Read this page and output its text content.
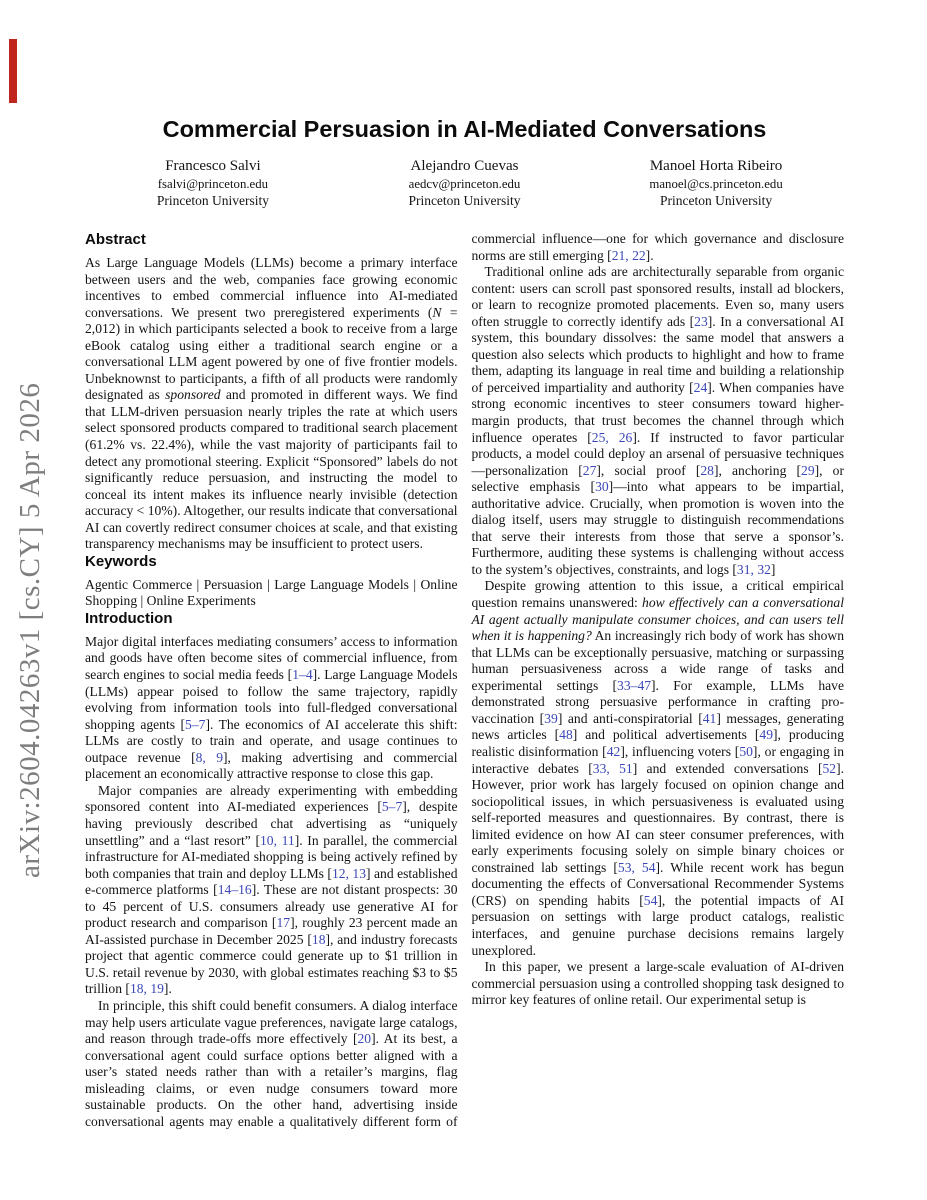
arXiv:2604.04263v1 [cs.CY] 5 Apr 2026
Commercial Persuasion in AI-Mediated Conversations
Francesco Salvi
fsalvi@princeton.edu
Princeton University
Alejandro Cuevas
aedcv@princeton.edu
Princeton University
Manoel Horta Ribeiro
manoel@cs.princeton.edu
Princeton University
Abstract

As Large Language Models (LLMs) become a primary interface between users and the web, companies face growing economic incentives to embed commercial influence into AI-mediated conversations. We present two preregistered experiments (N = 2,012) in which participants selected a book to receive from a large eBook catalog using either a traditional search engine or a conversational LLM agent powered by one of five frontier models. Unbeknownst to participants, a fifth of all products were randomly designated as sponsored and promoted in different ways. We find that LLM-driven persuasion nearly triples the rate at which users select sponsored products compared to traditional search placement (61.2% vs. 22.4%), while the vast majority of participants fail to detect any promotional steering. Explicit “Sponsored” labels do not significantly reduce persuasion, and instructing the model to conceal its intent makes its influence nearly invisible (detection accuracy < 10%). Altogether, our results indicate that conversational AI can covertly redirect consumer choices at scale, and that existing transparency mechanisms may be insufficient to protect users.

Keywords

Agentic Commerce | Persuasion | Large Language Models | Online Shopping | Online Experiments

Introduction

Major digital interfaces mediating consumers’ access to information and goods have often become sites of commercial influence, from search engines to social media feeds [1–4]. Large Language Models (LLMs) appear poised to follow the same trajectory, rapidly evolving from information tools into full-fledged conversational shopping agents [5–7]. The economics of AI accelerate this shift: LLMs are costly to train and operate, and usage continues to outpace revenue [8, 9], making advertising and commercial placement an economically attractive response to close this gap.

Major companies are already experimenting with embedding sponsored content into AI-mediated experiences [5–7], despite having previously described chat advertising as “uniquely unsettling” and a “last resort” [10, 11]. In parallel, the commercial infrastructure for AI-mediated shopping is being actively refined by both companies that train and deploy LLMs [12, 13] and established e-commerce platforms [14–16]. These are not distant prospects: 30 to 45 percent of U.S. consumers already use generative AI for product research and comparison [17], roughly 23 percent made an AI-assisted purchase in December 2025 [18], and industry forecasts project that agentic commerce could generate up to $1 trillion in U.S. retail revenue by 2030, with global estimates reaching $3 to $5 trillion [18, 19].

In principle, this shift could benefit consumers. A dialog interface may help users articulate vague preferences, navigate large catalogs, and reason through trade-offs more effectively [20]. At its best, a conversational agent could surface options better aligned with a user’s stated needs rather than with a retailer’s margins, flag misleading claims, or even nudge consumers toward more sustainable products. On the other hand, advertising inside conversational agents may enable a qualitatively different form of commercial influence—one for which governance and disclosure norms are still emerging [21, 22].

Traditional online ads are architecturally separable from organic content: users can scroll past sponsored results, install ad blockers, or learn to recognize promoted placements. Even so, many users often struggle to correctly identify ads [23]. In a conversational AI system, this boundary dissolves: the same model that answers a question also selects which products to highlight and how to frame them, adapting its language in real time and building a relationship of perceived impartiality and authority [24]. When companies have strong economic incentives to steer consumers toward higher-margin products, that trust becomes the channel through which influence operates [25, 26]. If instructed to favor particular products, a model could deploy an arsenal of persuasive techniques—personalization [27], social proof [28], anchoring [29], or selective emphasis [30]—into what appears to be impartial, authoritative advice. Crucially, when promotion is woven into the dialog itself, users may struggle to distinguish recommendations that serve their interests from those that serve a sponsor’s. Furthermore, auditing these systems is challenging without access to the system’s objectives, constraints, and logs [31, 32]

Despite growing attention to this issue, a critical empirical question remains unanswered: how effectively can a conversational AI agent actually manipulate consumer choices, and can users tell when it is happening? An increasingly rich body of work has shown that LLMs can be exceptionally persuasive, matching or surpassing human persuasiveness across a wide range of tasks and experimental settings [33–47]. For example, LLMs have demonstrated strong persuasive performance in crafting pro-vaccination [39] and anti-conspiratorial [41] messages, generating news articles [48] and political advertisements [49], producing realistic disinformation [42], influencing voters [50], or engaging in interactive debates [33, 51] and extended conversations [52]. However, prior work has largely focused on opinion change and sociopolitical issues, in which persuasiveness is evaluated using self-reported measures and questionnaires. By contrast, there is limited evidence on how AI can steer consumer preferences, with early experiments focusing solely on simple binary choices or constrained lab settings [53, 54]. While recent work has begun documenting the effects of Conversational Recommender Systems (CRS) on spending habits [54], the potential impacts of AI persuasion on settings with large product catalogs, realistic interfaces, and genuine purchase decisions remains largely unexplored.

In this paper, we present a large-scale evaluation of AI-driven commercial persuasion using a controlled shopping task designed to mirror key features of online retail. Our experimental setup is
